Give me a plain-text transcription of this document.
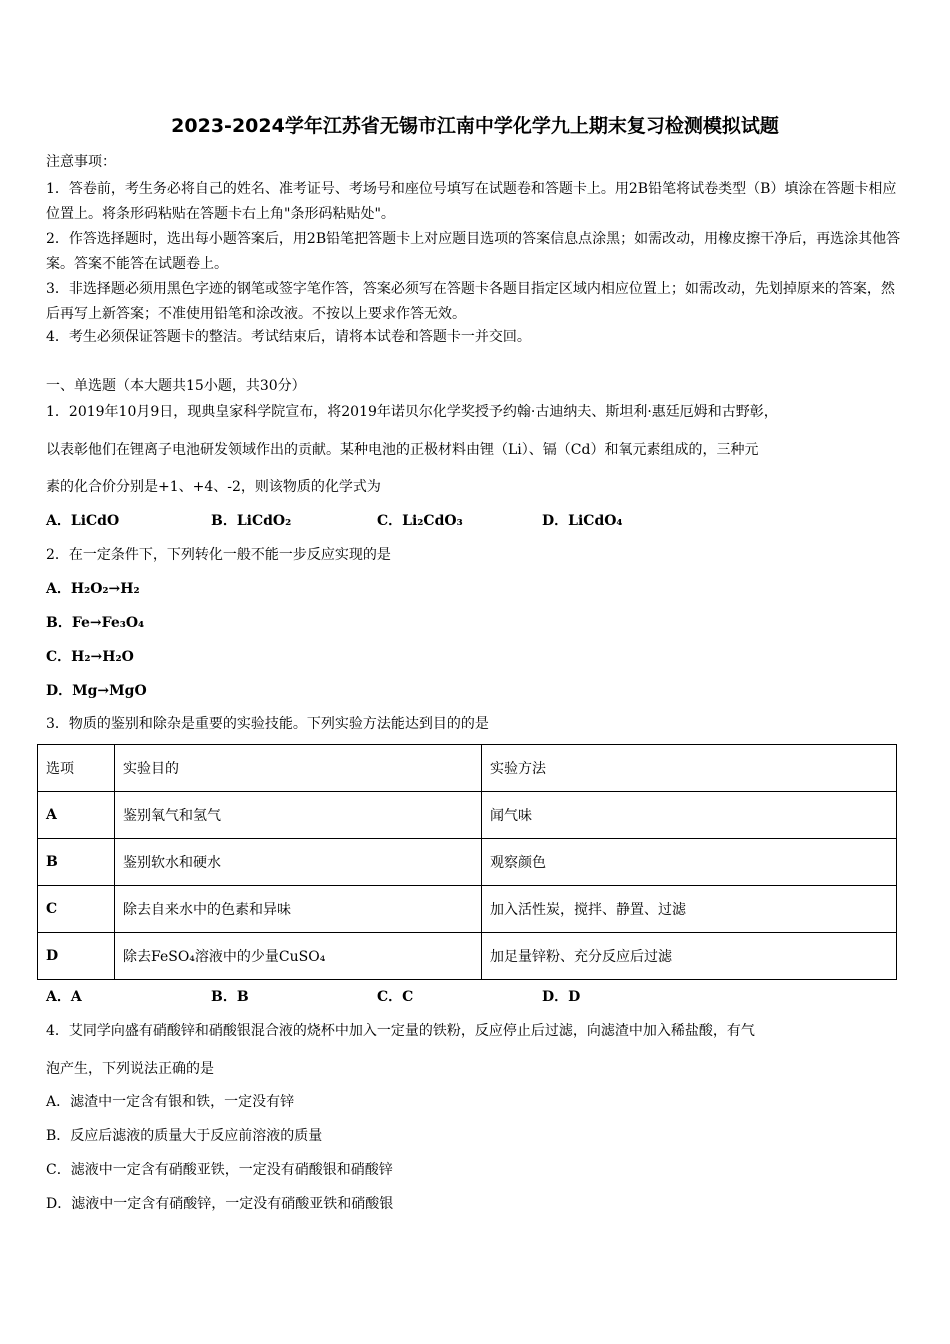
2023-2024学年江苏省无锡市江南中学化学九上期末复习检测模拟试题
注意事项：
1．答卷前，考生务必将自己的姓名、准考证号、考场号和座位号填写在试题卷和答题卡上。用2B铅笔将试卷类型（B）填涂在答题卡相应位置上。将条形码粘贴在答题卡右上角"条形码粘贴处"。
2．作答选择题时，选出每小题答案后，用2B铅笔把答题卡上对应题目选项的答案信息点涂黑；如需改动，用橡皮擦干净后，再选涂其他答案。答案不能答在试题卷上。
3．非选择题必须用黑色字迹的钢笔或签字笔作答，答案必须写在答题卡各题目指定区域内相应位置上；如需改动，先划掉原来的答案，然后再写上新答案；不准使用铅笔和涂改液。不按以上要求作答无效。
4．考生必须保证答题卡的整洁。考试结束后，请将本试卷和答题卡一并交回。
一、单选题（本大题共15小题，共30分）
1．2019年10月9日，现典皇家科学院宣布，将2019年诺贝尔化学奖授予约翰·古迪纳夫、斯坦利·惠廷厄姆和古野彰，
以表彰他们在锂离子电池研发领域作出的贡献。某种电池的正极材料由锂（Li）、镉（Cd）和氧元素组成的，三种元
素的化合价分别是+1、+4、-2，则该物质的化学式为
A．LiCdO	B．LiCdO₂	C．Li₂CdO₃	D．LiCdO₄
2．在一定条件下，下列转化一般不能一步反应实现的是
A．H₂O₂→H₂
B．Fe→Fe₃O₄
C．H₂→H₂O
D．Mg→MgO
3．物质的鉴别和除杂是重要的实验技能。下列实验方法能达到目的的是
选项	实验目的	实验方法
A	鉴别氧气和氢气	闻气味
B	鉴别软水和硬水	观察颜色
C	除去自来水中的色素和异味	加入活性炭，搅拌、静置、过滤
D	除去FeSO₄溶液中的少量CuSO₄	加足量锌粉、充分反应后过滤
A．A	B．B	C．C	D．D
4．艾同学向盛有硝酸锌和硝酸银混合液的烧杯中加入一定量的铁粉，反应停止后过滤，向滤渣中加入稀盐酸，有气
泡产生，下列说法正确的是
A．滤渣中一定含有银和铁，一定没有锌
B．反应后滤液的质量大于反应前溶液的质量
C．滤液中一定含有硝酸亚铁，一定没有硝酸银和硝酸锌
D．滤液中一定含有硝酸锌，一定没有硝酸亚铁和硝酸银
